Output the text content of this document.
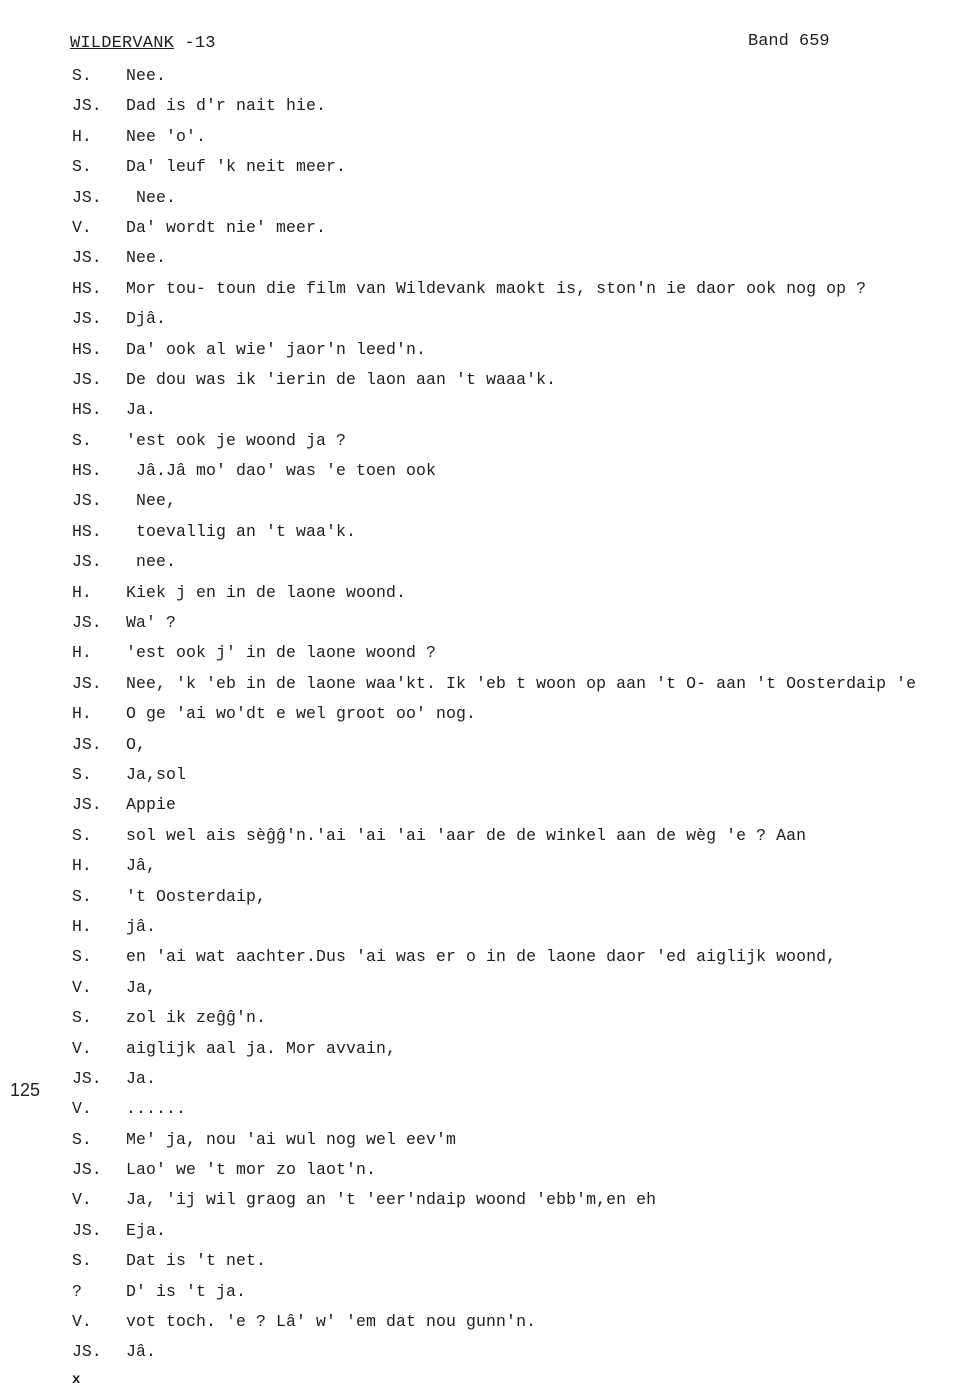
WILDERVANK -13	Band 659
125
S. Nee.
JS. Dad is d'r nait hie.
H. Nee 'o'.
S. Da' leuf 'k neit meer.
JS. Nee.
V. Da' wordt nie' meer.
JS. Nee.
HS. Mor tou- toun die film van Wildevank maokt is, ston'n ie daor ook nog op ?
JS. Djâ.
HS. Da' ook al wie' jaor'n leed'n.
JS. De dou was ik 'ierin de laon aan 't waaa'k.
HS. Ja.
S. 'est ook je woond ja ?
HS. Jâ.Jâ mo' dao' was 'e toen ook
JS. Nee,
HS. toevallig an 't waa'k.
JS. nee.
H. Kiek j en in de laone woond.
JS. Wa' ?
H. 'est ook j' in de laone woond ?
JS. Nee, 'k 'eb in de laone waa'kt. Ik 'eb t woon op aan 't O- aan 't Oosterdaip 'e
H. O ge 'ai wo'dt e wel groot oo' nog.
JS. O,
S. Ja,sol
JS. Appie
S. sol wel ais sèĝĝ'n.'ai 'ai 'ai 'aar de de winkel aan de wèg 'e ? Aan
H. Jâ,
S. 't Oosterdaip,
H. jâ.
S. en 'ai wat aachter.Dus 'ai was er o in de laone daor 'ed aiglijk woond,
V. Ja,
S. zol ik zeĝĝ'n.
V. aiglijk aal ja. Mor avvain,
JS. Ja.
V. ......
S. Me' ja, nou 'ai wul nog wel eev'm
JS. Lao' we 't mor zo laot'n.
V. Ja, 'ij wil graog an 't 'eer'ndaip woond 'ebb'm,en eh
JS. Eja.
S. Dat is 't net.
?	D' is 't ja.
V. vot toch. 'e ? Lâ' w' 'em dat nou gunn'n.
JS. Jâ.
x
